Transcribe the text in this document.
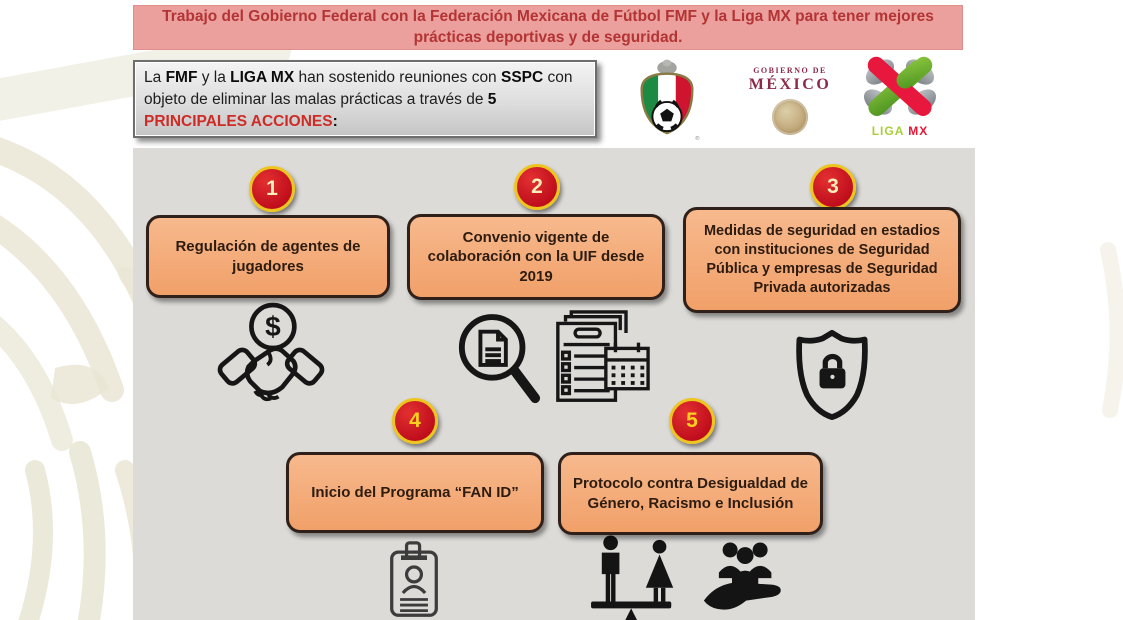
Trabajo del Gobierno Federal con la Federación Mexicana de Fútbol FMF y la Liga MX para tener mejores prácticas deportivas y de seguridad.
La FMF y la LIGA MX han sostenido reuniones con SSPC con objeto de eliminar las malas prácticas a través de 5 PRINCIPALES ACCIONES:
®
GOBIERNO DE
MÉXICO
LIGA MX
1	2	3
4	5
Regulación de agentes de jugadores
Convenio vigente de colaboración con la UIF desde 2019
Medidas de seguridad en estadios con instituciones de Seguridad Pública y empresas de Seguridad Privada autorizadas
Inicio del Programa “FAN ID”
Protocolo contra Desigualdad de Género, Racismo e Inclusión
$
